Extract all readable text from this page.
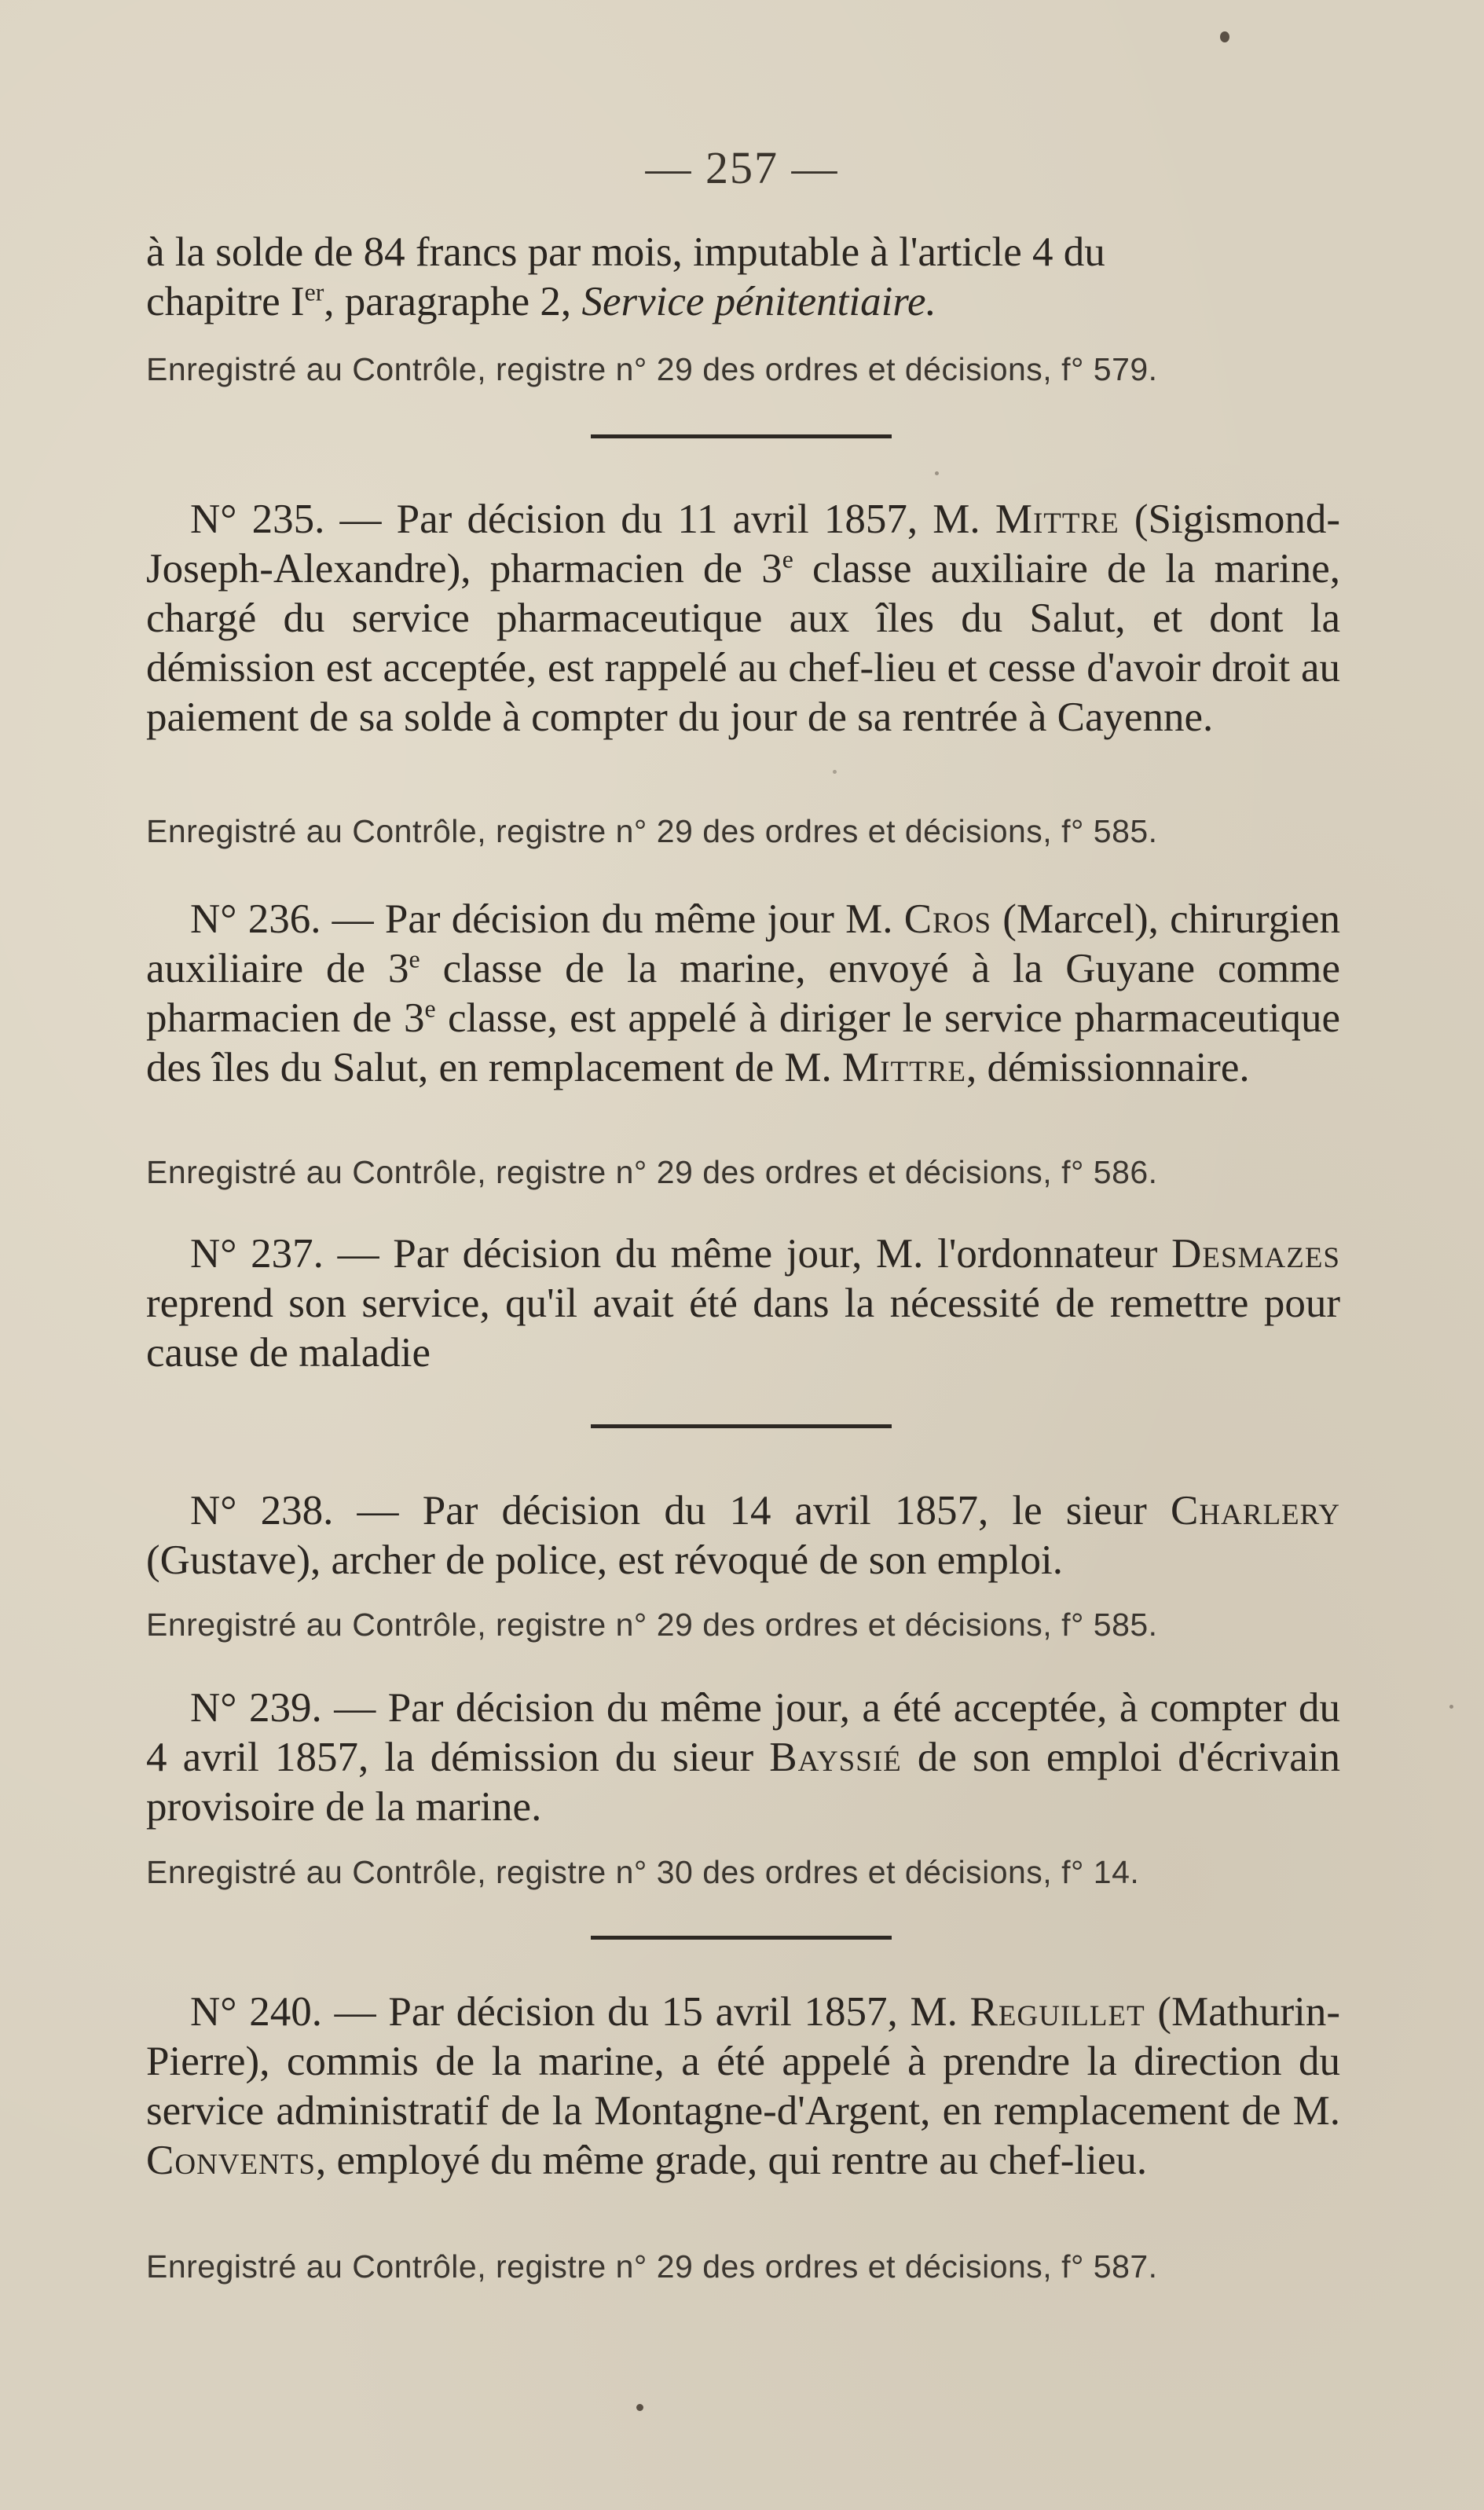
— 257 —
à la solde de 84 francs par mois, imputable à l'article 4 du
chapitre Ier, paragraphe 2, Service pénitentiaire.
Enregistré au Contrôle, registre n° 29 des ordres et décisions, f° 579.
N° 235. — Par décision du 11 avril 1857, M. Mittre (Sigismond-Joseph-Alexandre), pharmacien de 3e classe auxiliaire de la marine, chargé du service pharmaceutique aux îles du Salut, et dont la démission est acceptée, est rappelé au chef-lieu et cesse d'avoir droit au paiement de sa solde à compter du jour de sa rentrée à Cayenne.
Enregistré au Contrôle, registre n° 29 des ordres et décisions, f° 585.
N° 236. — Par décision du même jour M. Cros (Marcel), chirurgien auxiliaire de 3e classe de la marine, envoyé à la Guyane comme pharmacien de 3e classe, est appelé à diriger le service pharmaceutique des îles du Salut, en remplacement de M. Mittre, démissionnaire.
Enregistré au Contrôle, registre n° 29 des ordres et décisions, f° 586.
N° 237. — Par décision du même jour, M. l'ordonnateur Desmazes reprend son service, qu'il avait été dans la nécessité de remettre pour cause de maladie
N° 238. — Par décision du 14 avril 1857, le sieur Charlery (Gustave), archer de police, est révoqué de son emploi.
Enregistré au Contrôle, registre n° 29 des ordres et décisions, f° 585.
N° 239. — Par décision du même jour, a été acceptée, à compter du 4 avril 1857, la démission du sieur Bayssié de son emploi d'écrivain provisoire de la marine.
Enregistré au Contrôle, registre n° 30 des ordres et décisions, f° 14.
N° 240. — Par décision du 15 avril 1857, M. Reguillet (Mathurin-Pierre), commis de la marine, a été appelé à prendre la direction du service administratif de la Montagne-d'Argent, en remplacement de M. Convents, employé du même grade, qui rentre au chef-lieu.
Enregistré au Contrôle, registre n° 29 des ordres et décisions, f° 587.
